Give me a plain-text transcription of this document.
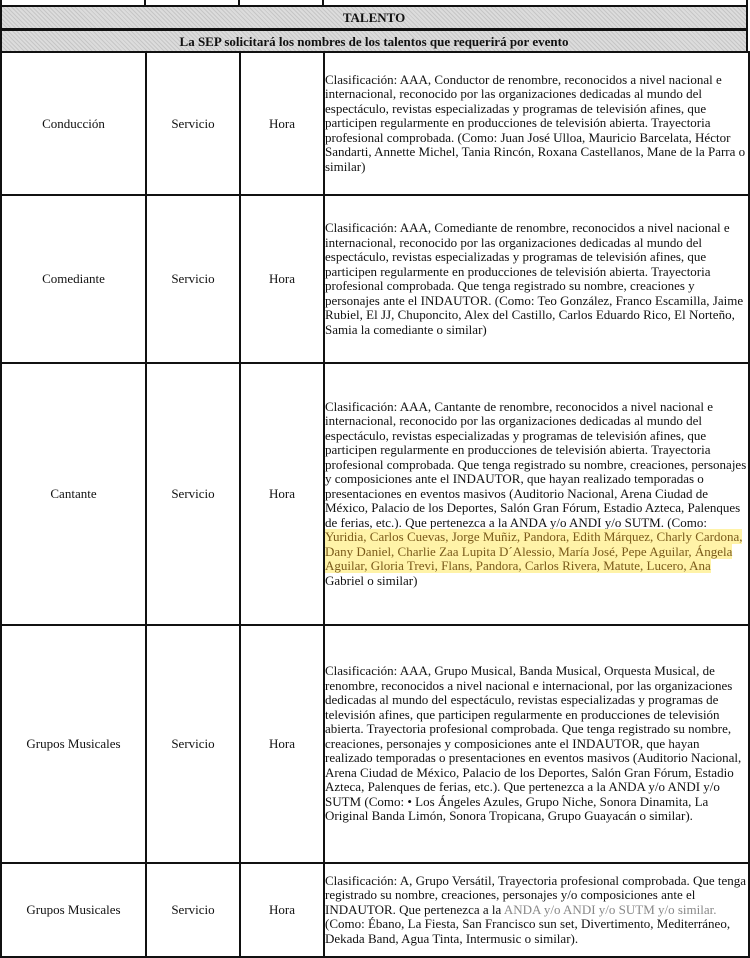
TALENTO
La SEP solicitará los nombres de los talentos que requerirá por evento
Conducción	Servicio	Hora	Clasificación: AAA, Conductor de renombre, reconocidos a nivel nacional e internacional, reconocido por las organizaciones dedicadas al mundo del espectáculo, revistas especializadas y programas de televisión afines, que participen regularmente en producciones de televisión abierta. Trayectoria profesional comprobada. (Como: Juan José Ulloa, Mauricio Barcelata, Héctor Sandarti, Annette Michel, Tania Rincón, Roxana Castellanos, Mane de la Parra o similar)
Comediante	Servicio	Hora	Clasificación: AAA, Comediante de renombre, reconocidos a nivel nacional e internacional, reconocido por las organizaciones dedicadas al mundo del espectáculo, revistas especializadas y programas de televisión afines, que participen regularmente en producciones de televisión abierta. Trayectoria profesional comprobada. Que tenga registrado su nombre, creaciones y personajes ante el INDAUTOR. (Como: Teo González, Franco Escamilla, Jaime Rubiel, El JJ, Chuponcito, Alex del Castillo, Carlos Eduardo Rico, El Norteño, Samia la comediante o similar)
Cantante	Servicio	Hora	Clasificación: AAA, Cantante de renombre, reconocidos a nivel nacional e internacional, reconocido por las organizaciones dedicadas al mundo del espectáculo, revistas especializadas y programas de televisión afines, que participen regularmente en producciones de televisión abierta. Trayectoria profesional comprobada. Que tenga registrado su nombre, creaciones, personajes y composiciones ante el INDAUTOR, que hayan realizado temporadas o presentaciones en eventos masivos (Auditorio Nacional, Arena Ciudad de México, Palacio de los Deportes, Salón Gran Fórum, Estadio Azteca, Palenques de ferias, etc.). Que pertenezca a la ANDA y/o ANDI y/o SUTM. (Como: Yuridia, Carlos Cuevas, Jorge Muñiz, Pandora, Edith Márquez, Charly Cardona, Dany Daniel, Charlie Zaa Lupita D´Alessio, María José, Pepe Aguilar, Ángela Aguilar, Gloria Trevi, Flans, Pandora, Carlos Rivera, Matute, Lucero, Ana Gabriel o similar)
Grupos Musicales	Servicio	Hora	Clasificación: AAA, Grupo Musical, Banda Musical, Orquesta Musical, de renombre, reconocidos a nivel nacional e internacional, por las organizaciones dedicadas al mundo del espectáculo, revistas especializadas y programas de televisión afines, que participen regularmente en producciones de televisión abierta. Trayectoria profesional comprobada. Que tenga registrado su nombre, creaciones, personajes y composiciones ante el INDAUTOR, que hayan realizado temporadas o presentaciones en eventos masivos (Auditorio Nacional, Arena Ciudad de México, Palacio de los Deportes, Salón Gran Fórum, Estadio Azteca, Palenques de ferias, etc.). Que pertenezca a la ANDA y/o ANDI y/o SUTM (Como: • Los Ángeles Azules, Grupo Niche, Sonora Dinamita, La Original Banda Limón, Sonora Tropicana, Grupo Guayacán o similar).
Grupos Musicales	Servicio	Hora	Clasificación: A, Grupo Versátil, Trayectoria profesional comprobada. Que tenga registrado su nombre, creaciones, personajes y/o composiciones ante el INDAUTOR. Que pertenezca a la ANDA y/o ANDI y/o SUTM y/o similar. (Como: Ébano, La Fiesta, San Francisco sun set, Divertimento, Mediterráneo, Dekada Band, Agua Tinta, Intermusic o similar).
